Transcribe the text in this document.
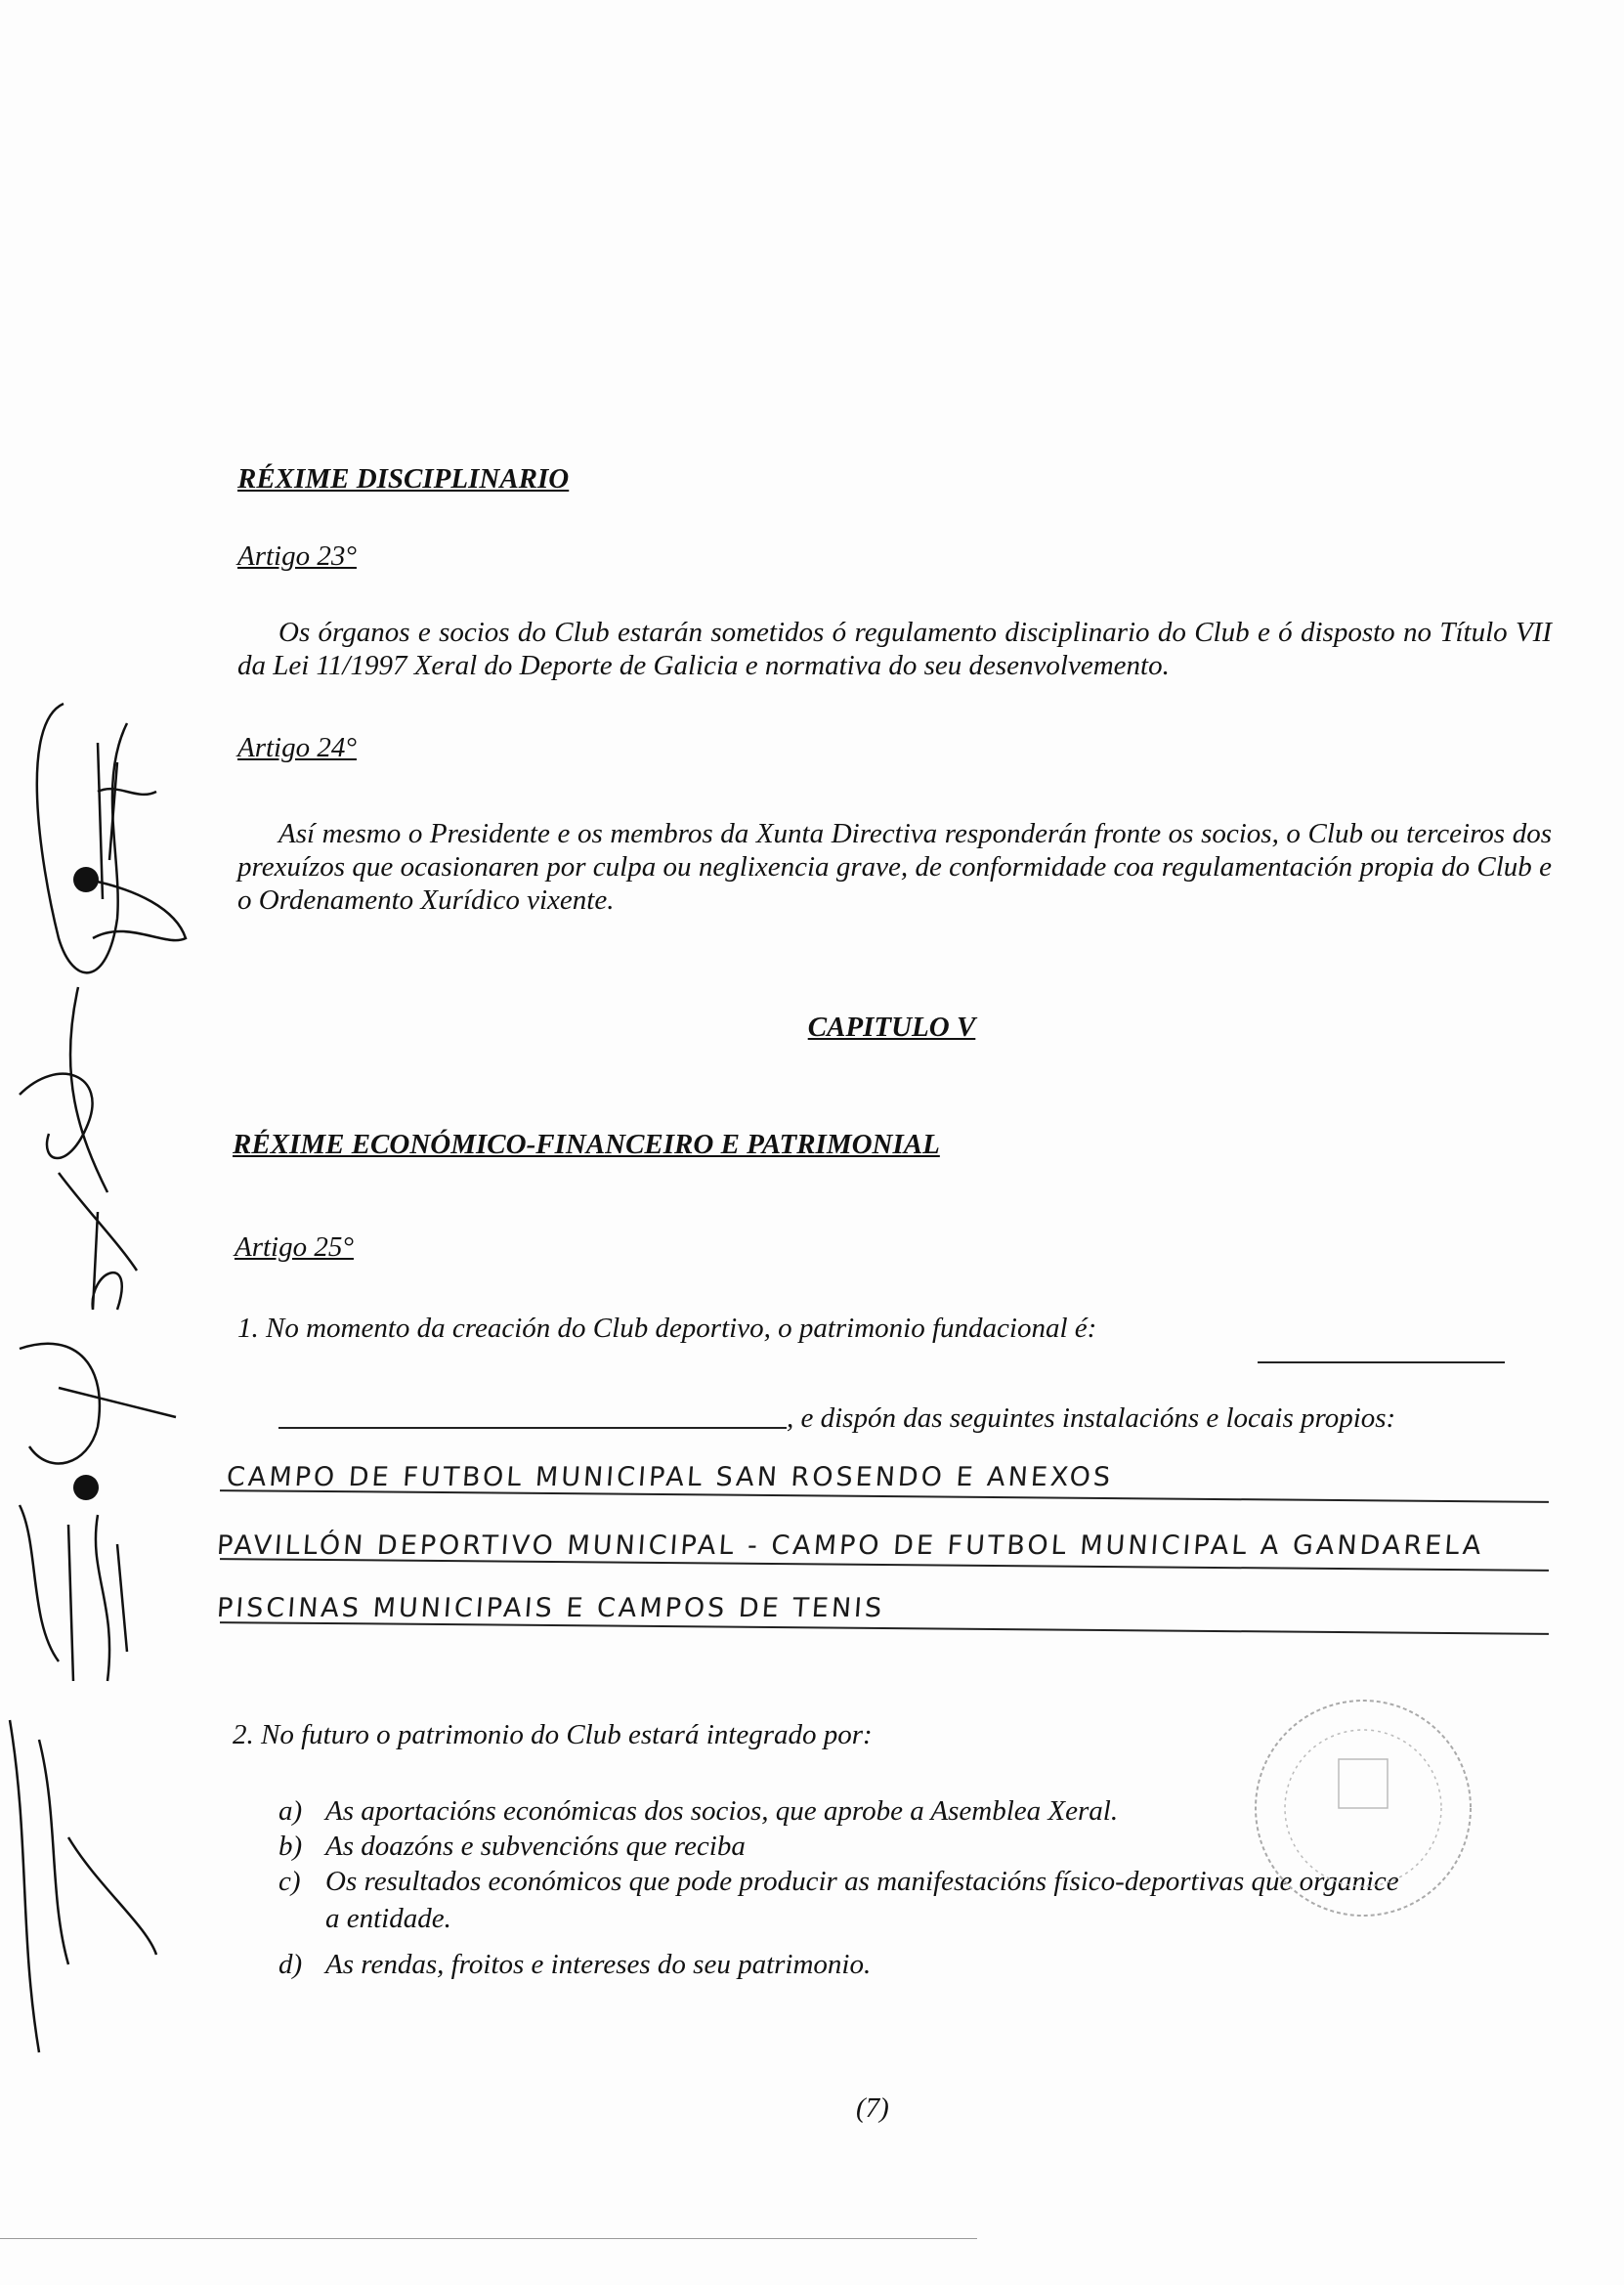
RÉXIME DISCIPLINARIO
Artigo 23°
Os órganos e socios do Club estarán sometidos ó regulamento disciplinario do Club e ó disposto no Título VII da Lei 11/1997 Xeral do Deporte de Galicia e normativa do seu desenvolvemento.
Artigo 24°
Así mesmo o Presidente e os membros da Xunta Directiva responderán fronte os socios, o Club ou terceiros dos prexuízos que ocasionaren por culpa ou neglixencia grave, de conformidade coa regulamentación propia do Club e o Ordenamento Xurídico vixente.
CAPITULO V
RÉXIME ECONÓMICO-FINANCEIRO E PATRIMONIAL
Artigo 25°
1. No momento da creación do Club deportivo, o patrimonio fundacional é:
, e dispón das seguintes instalacións e locais propios:
CAMPO DE FUTBOL MUNICIPAL SAN ROSENDO E ANEXOS
PAVILLÓN DEPORTIVO MUNICIPAL - CAMPO DE FUTBOL MUNICIPAL A GANDARELA
PISCINAS MUNICIPAIS E CAMPOS DE TENIS
2. No futuro o patrimonio do Club estará integrado por:
a) As aportacións económicas dos socios, que aprobe a Asemblea Xeral.
b) As doazóns e subvencións que reciba
c) Os resultados económicos que pode producir as manifestacións físico-deportivas que organice
a entidade.
d) As rendas, froitos e intereses do seu patrimonio.
(7)
